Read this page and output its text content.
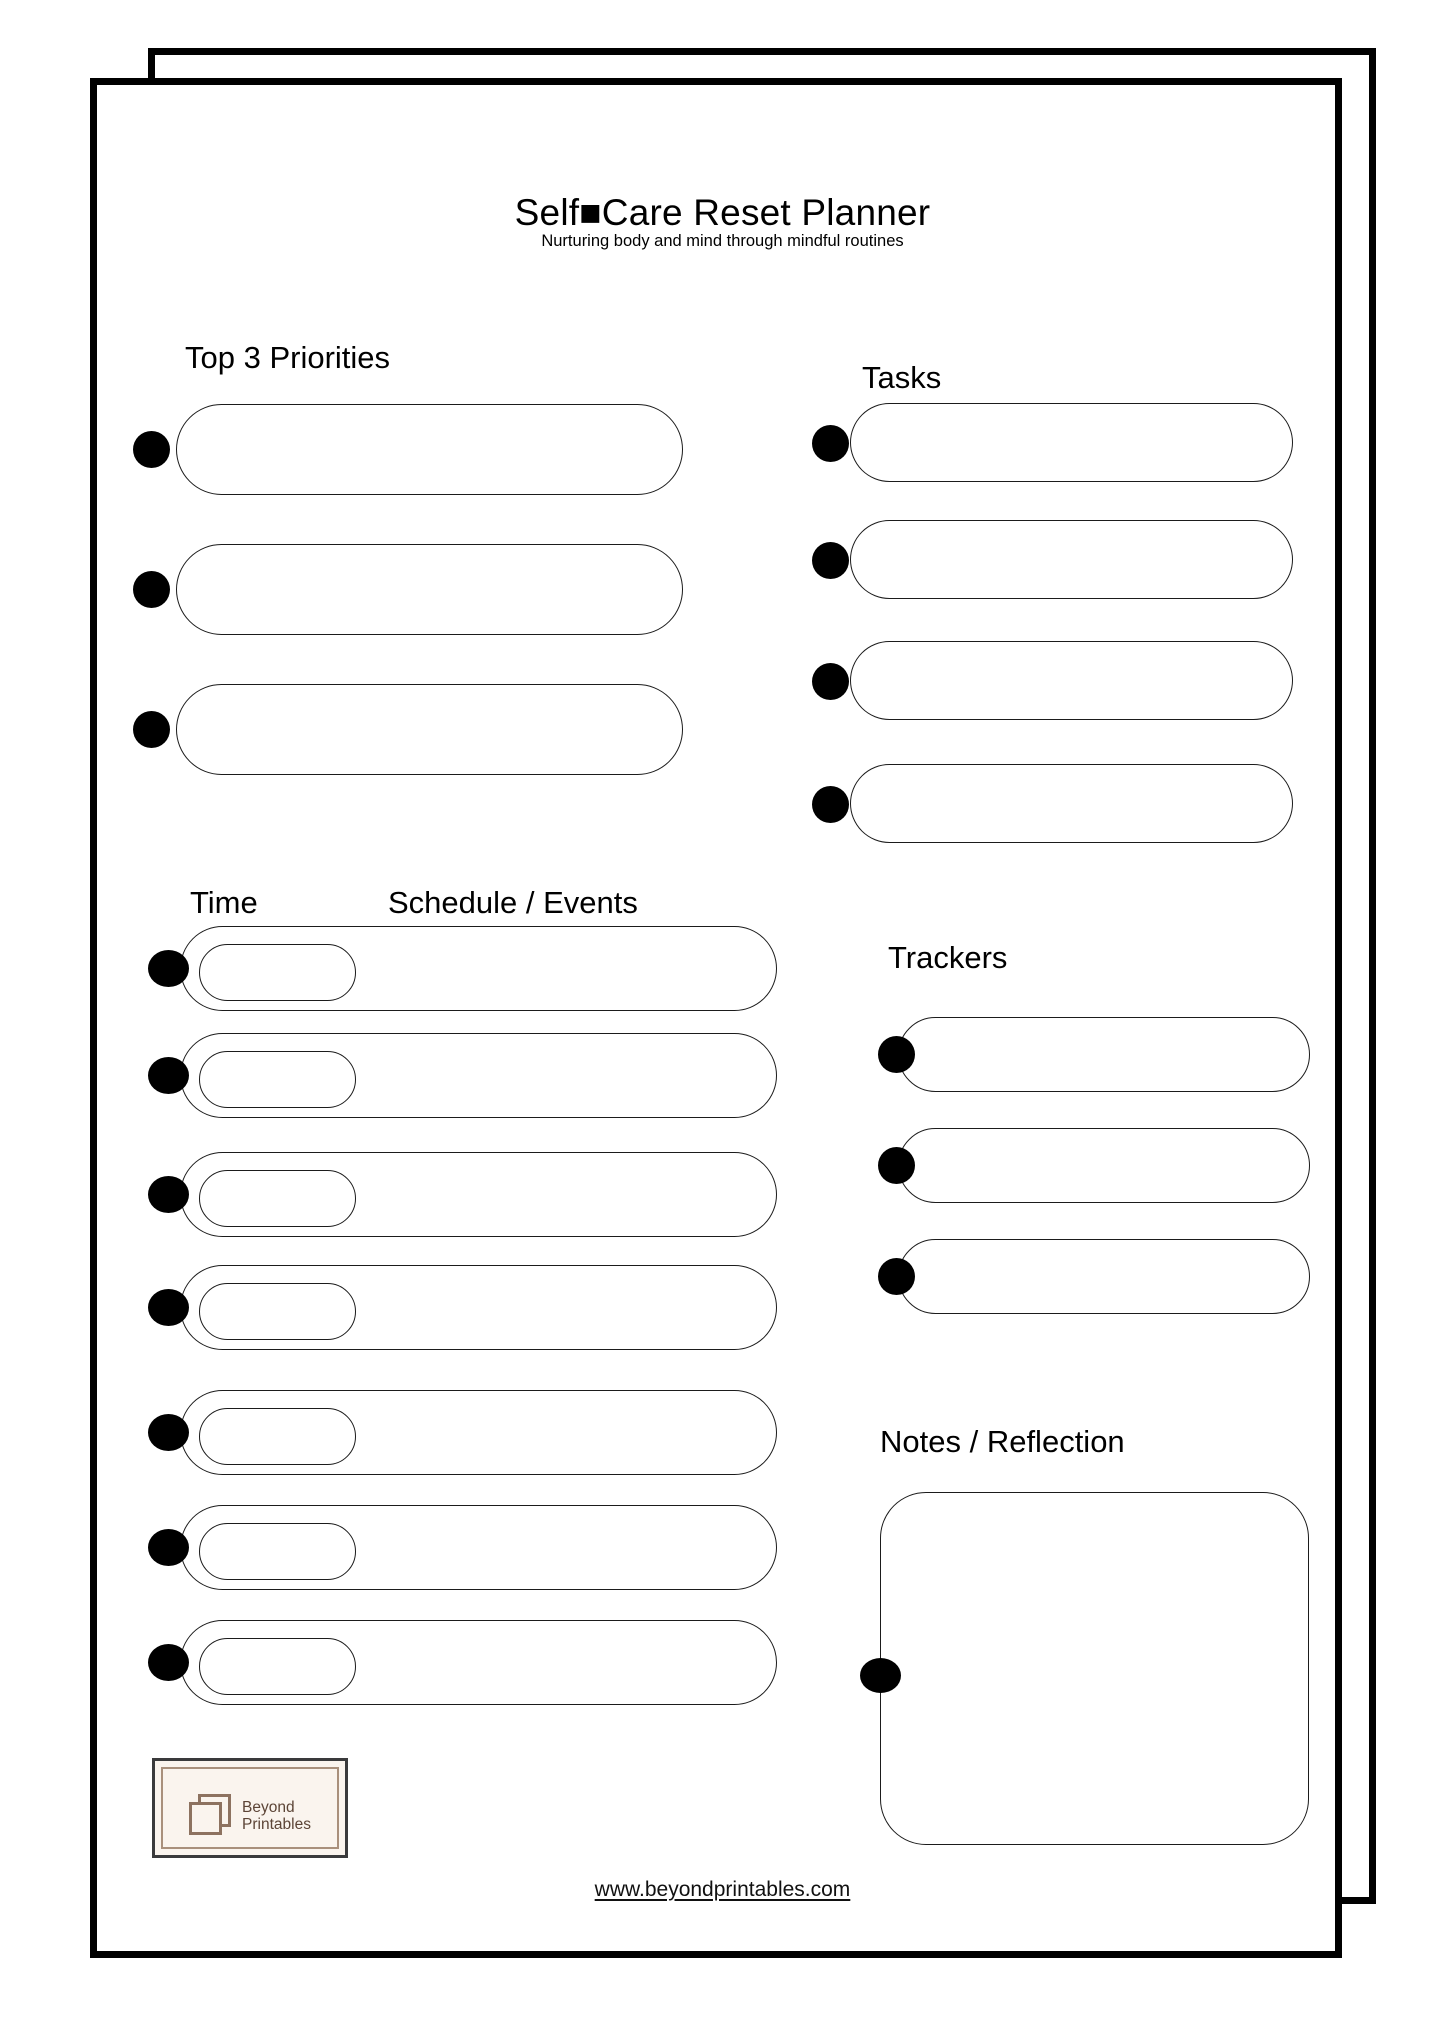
Self■Care Reset Planner
Nurturing body and mind through mindful routines
Top 3 Priorities
Tasks
Time	Schedule / Events
Trackers
Notes / Reflection
Beyond
Printables
www.beyondprintables.com
